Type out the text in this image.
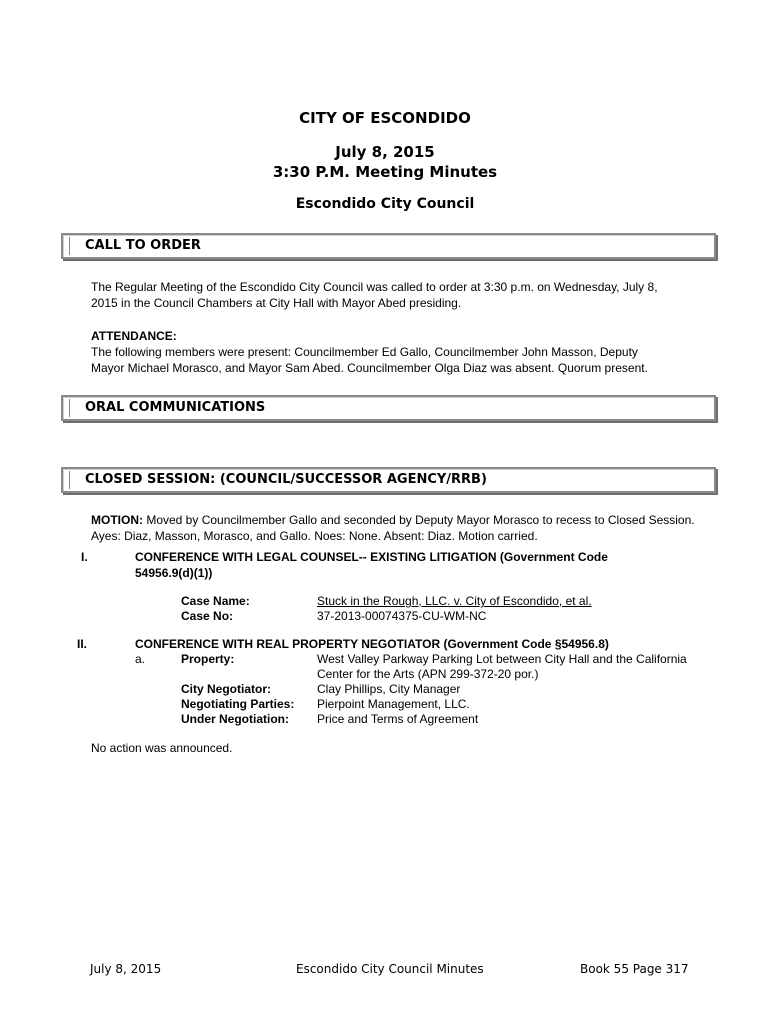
CITY OF ESCONDIDO
July 8, 2015
3:30 P.M. Meeting Minutes
Escondido City Council
CALL TO ORDER
The Regular Meeting of the Escondido City Council was called to order at 3:30 p.m. on Wednesday, July 8,
2015 in the Council Chambers at City Hall with Mayor Abed presiding.
ATTENDANCE:
The following members were present: Councilmember Ed Gallo, Councilmember John Masson, Deputy
Mayor Michael Morasco, and Mayor Sam Abed. Councilmember Olga Diaz was absent. Quorum present.
ORAL COMMUNICATIONS
CLOSED SESSION: (COUNCIL/SUCCESSOR AGENCY/RRB)
MOTION: Moved by Councilmember Gallo and seconded by Deputy Mayor Morasco to recess to Closed Session.
Ayes: Diaz, Masson, Morasco, and Gallo. Noes: None. Absent: Diaz. Motion carried.
I.	CONFERENCE WITH LEGAL COUNSEL-- EXISTING LITIGATION (Government Code
54956.9(d)(1))
Case Name:	Stuck in the Rough, LLC. v. City of Escondido, et al.
Case No:	37-2013-00074375-CU-WM-NC
II.	CONFERENCE WITH REAL PROPERTY NEGOTIATOR (Government Code §54956.8)
a.	Property:	West Valley Parkway Parking Lot between City Hall and the California
Center for the Arts (APN 299-372-20 por.)
City Negotiator:	Clay Phillips, City Manager
Negotiating Parties: Pierpoint Management, LLC.
Under Negotiation: Price and Terms of Agreement
No action was announced.
July 8, 2015	Escondido City Council Minutes	Book 55 Page 317
